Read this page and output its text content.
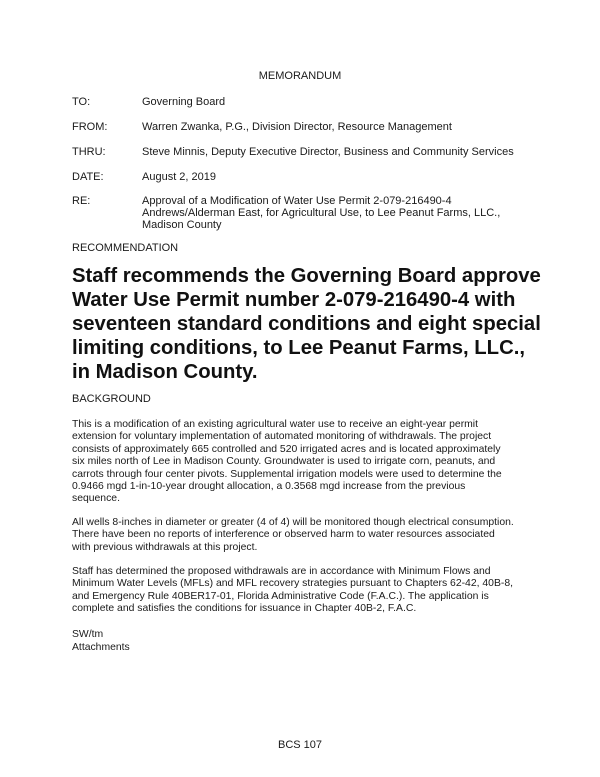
MEMORANDUM
TO:	Governing Board
FROM:	Warren Zwanka, P.G., Division Director, Resource Management
THRU:	Steve Minnis, Deputy Executive Director, Business and Community Services
DATE:	August 2, 2019
RE:	Approval of a Modification of Water Use Permit 2-079-216490-4
Andrews/Alderman East, for Agricultural Use, to Lee Peanut Farms, LLC.,
Madison County
RECOMMENDATION
Staff recommends the Governing Board approve
Water Use Permit number 2-079-216490-4 with
seventeen standard conditions and eight special
limiting conditions, to Lee Peanut Farms, LLC.,
in Madison County.
BACKGROUND
This is a modification of an existing agricultural water use to receive an eight-year permit
extension for voluntary implementation of automated monitoring of withdrawals. The project
consists of approximately 665 controlled and 520 irrigated acres and is located approximately
six miles north of Lee in Madison County. Groundwater is used to irrigate corn, peanuts, and
carrots through four center pivots. Supplemental irrigation models were used to determine the
0.9466 mgd 1-in-10-year drought allocation, a 0.3568 mgd increase from the previous
sequence.
All wells 8-inches in diameter or greater (4 of 4) will be monitored though electrical consumption.
There have been no reports of interference or observed harm to water resources associated
with previous withdrawals at this project.
Staff has determined the proposed withdrawals are in accordance with Minimum Flows and
Minimum Water Levels (MFLs) and MFL recovery strategies pursuant to Chapters 62-42, 40B-8,
and Emergency Rule 40BER17-01, Florida Administrative Code (F.A.C.). The application is
complete and satisfies the conditions for issuance in Chapter 40B-2, F.A.C.
SW/tm
Attachments
BCS 107
